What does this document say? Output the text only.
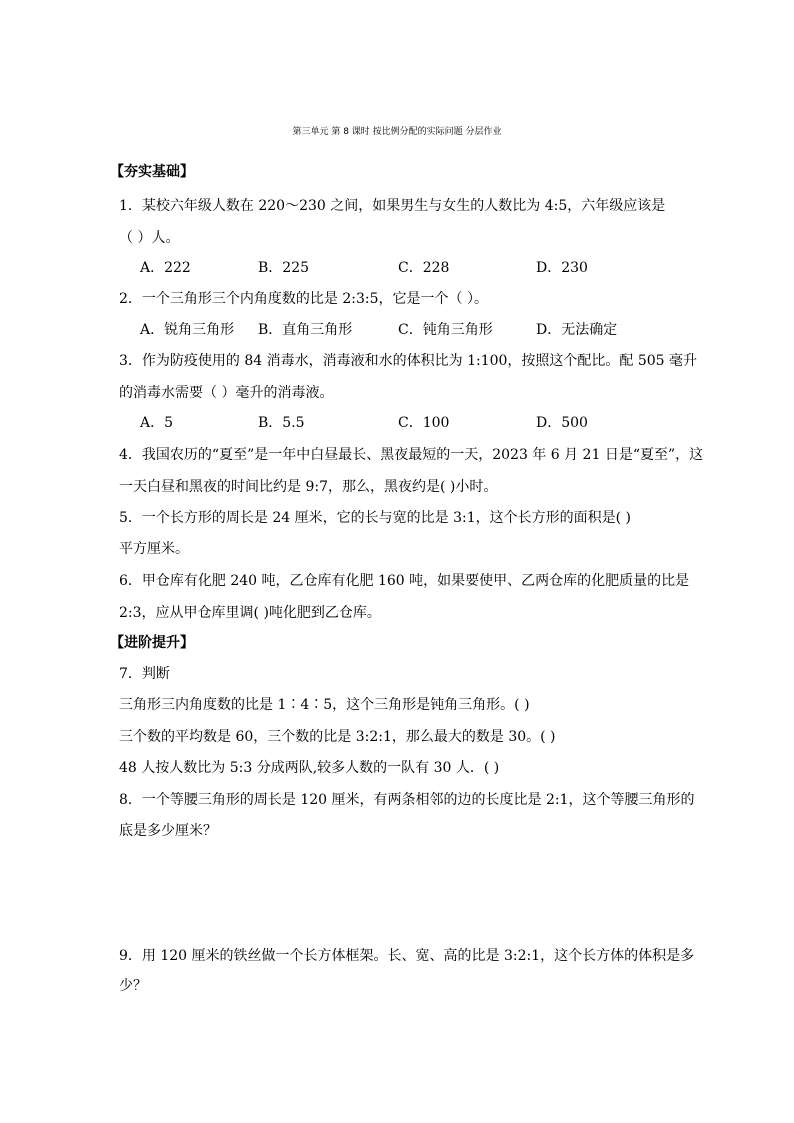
第三单元 第 8 课时 按比例分配的实际问题 分层作业
【夯实基础】
1．某校六年级人数在 220～230 之间，如果男生与女生的人数比为 4:5，六年级应该是
（ ）人。
A．222	B．225	C．228	D．230
2．一个三角形三个内角度数的比是 2:3:5，它是一个（ ）。
A．锐角三角形 B．直角三角形	C．钝角三角形	D．无法确定
3．作为防疫使用的 84 消毒水，消毒液和水的体积比为 1:100，按照这个配比。配 505 毫升
的消毒水需要（ ）毫升的消毒液。
A．5	B．5.5	C．100	D．500
4．我国农历的“夏至”是一年中白昼最长、黑夜最短的一天，2023 年 6 月 21 日是“夏至”，这
一天白昼和黑夜的时间比约是 9:7，那么，黑夜约是( )小时。
5．一个长方形的周长是 24 厘米，它的长与宽的比是 3:1，这个长方形的面积是( )
平方厘米。
6．甲仓库有化肥 240 吨，乙仓库有化肥 160 吨，如果要使甲、乙两仓库的化肥质量的比是
2:3，应从甲仓库里调( )吨化肥到乙仓库。
【进阶提升】
7．判断
三角形三内角度数的比是 1∶4∶5，这个三角形是钝角三角形。( )
三个数的平均数是 60，三个数的比是 3:2:1，那么最大的数是 30。( )
48 人按人数比为 5:3 分成两队,较多人数的一队有 30 人．( )
8．一个等腰三角形的周长是 120 厘米，有两条相邻的边的长度比是 2:1，这个等腰三角形的
底是多少厘米？
9．用 120 厘米的铁丝做一个长方体框架。长、宽、高的比是 3:2:1，这个长方体的体积是多
少？
